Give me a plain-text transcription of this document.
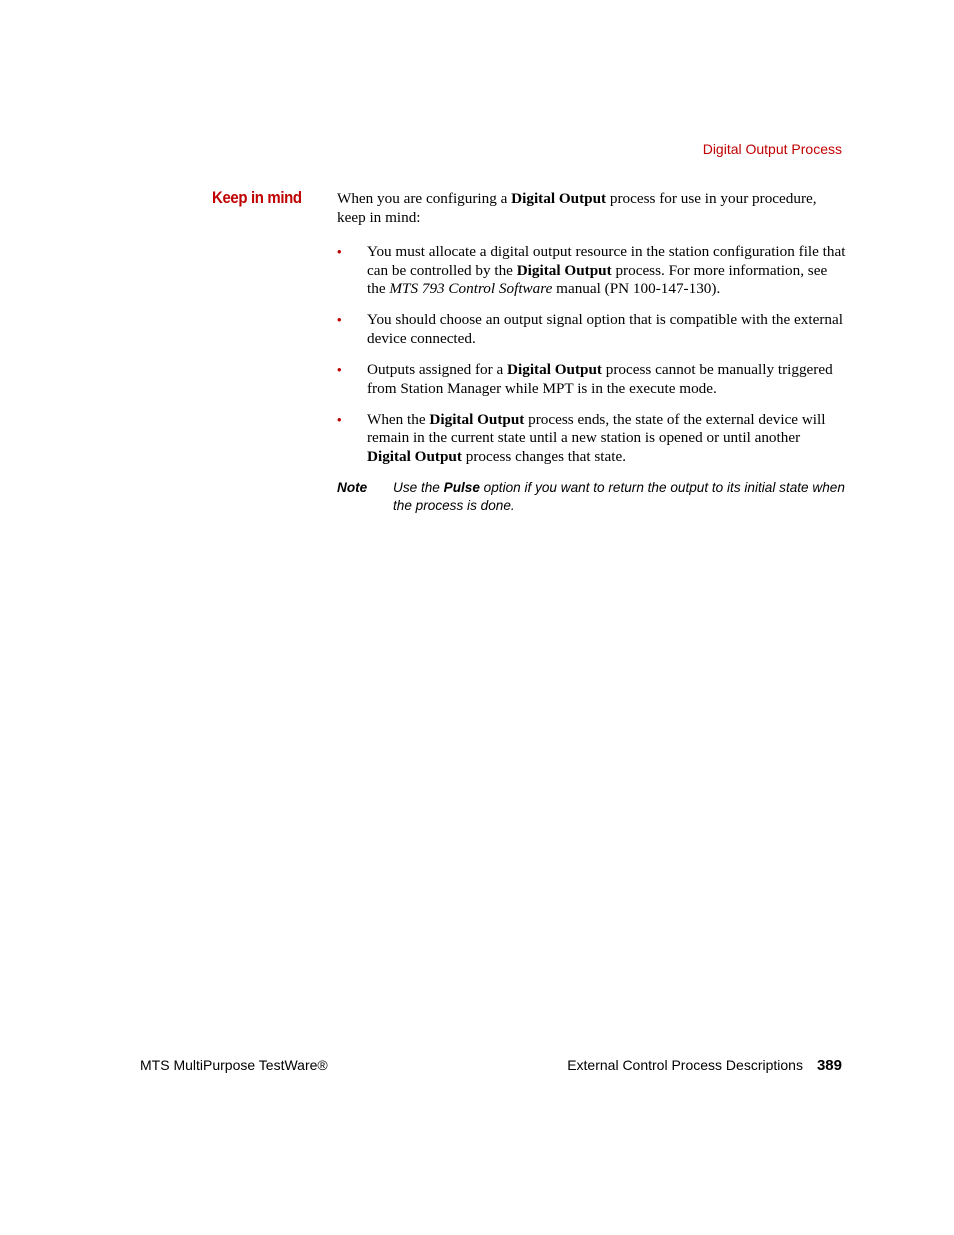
Digital Output Process
Keep in mind When you are configuring a Digital Output process for use in your procedure, keep in mind:

• You must allocate a digital output resource in the station configuration file that can be controlled by the Digital Output process. For more information, see the MTS 793 Control Software manual (PN 100-147-130).
• You should choose an output signal option that is compatible with the external device connected.
• Outputs assigned for a Digital Output process cannot be manually triggered from Station Manager while MPT is in the execute mode.
• When the Digital Output process ends, the state of the external device will remain in the current state until a new station is opened or until another Digital Output process changes that state.
Note	Use the Pulse option if you want to return the output to its initial state when the process is done.
MTS MultiPurpose TestWare®	External Control Process Descriptions 389
